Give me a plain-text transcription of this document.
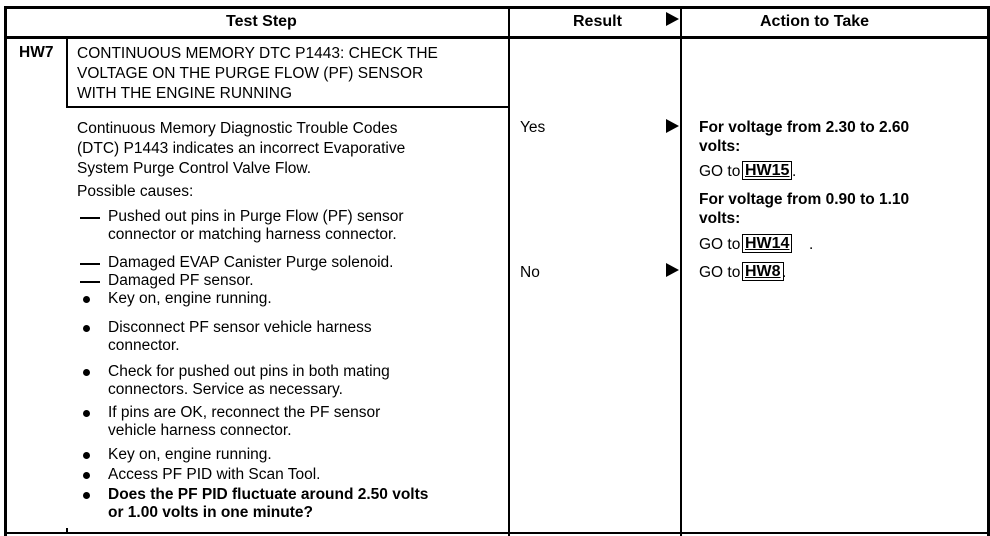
Test Step	Result	Action to Take
HW7 CONTINUOUS MEMORY DTC P1443: CHECK THE
VOLTAGE ON THE PURGE FLOW (PF) SENSOR
WITH THE ENGINE RUNNING
Continuous Memory Diagnostic Trouble Codes
(DTC) P1443 indicates an incorrect Evaporative
System Purge Control Valve Flow.
Possible causes:
Pushed out pins in Purge Flow (PF) sensor
connector or matching harness connector.
Damaged EVAP Canister Purge solenoid.
Damaged PF sensor.
Key on, engine running.
Disconnect PF sensor vehicle harness
connector.
Check for pushed out pins in both mating
connectors. Service as necessary.
If pins are OK, reconnect the PF sensor
vehicle harness connector.
Key on, engine running.
Access PF PID with Scan Tool.
Does the PF PID fluctuate around 2.50 volts
or 1.00 volts in one minute?
Yes
No
For voltage from 2.30 to 2.60
volts:
GO to HW15 .
For voltage from 0.90 to 1.10
volts:
GO to HW14 .
GO to HW8 .
